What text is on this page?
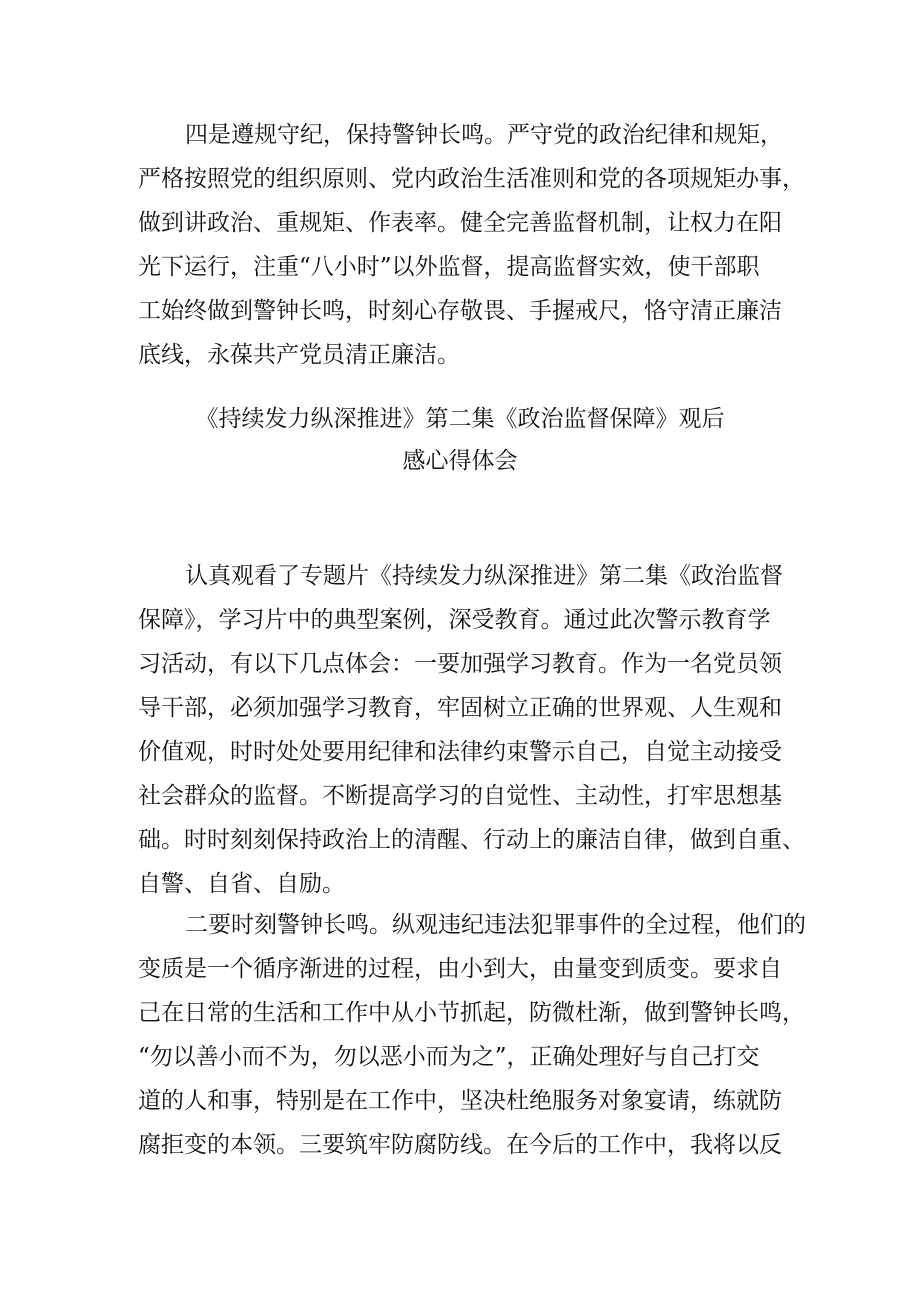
四是遵规守纪，保持警钟长鸣。严守党的政治纪律和规矩，
严格按照党的组织原则、党内政治生活准则和党的各项规矩办事，
做到讲政治、重规矩、作表率。健全完善监督机制，让权力在阳
光下运行，注重“八小时”以外监督，提高监督实效，使干部职
工始终做到警钟长鸣，时刻心存敬畏、手握戒尺，恪守清正廉洁
底线，永葆共产党员清正廉洁。
《持续发力纵深推进》第二集《政治监督保障》观后
感心得体会
认真观看了专题片《持续发力纵深推进》第二集《政治监督
保障》，学习片中的典型案例，深受教育。通过此次警示教育学
习活动，有以下几点体会：一要加强学习教育。作为一名党员领
导干部，必须加强学习教育，牢固树立正确的世界观、人生观和
价值观，时时处处要用纪律和法律约束警示自己，自觉主动接受
社会群众的监督。不断提高学习的自觉性、主动性，打牢思想基
础。时时刻刻保持政治上的清醒、行动上的廉洁自律，做到自重、
自警、自省、自励。
二要时刻警钟长鸣。纵观违纪违法犯罪事件的全过程，他们的
变质是一个循序渐进的过程，由小到大，由量变到质变。要求自
己在日常的生活和工作中从小节抓起，防微杜渐，做到警钟长鸣，
“勿以善小而不为，勿以恶小而为之”，正确处理好与自己打交
道的人和事，特别是在工作中，坚决杜绝服务对象宴请，练就防
腐拒变的本领。三要筑牢防腐防线。在今后的工作中，我将以反
